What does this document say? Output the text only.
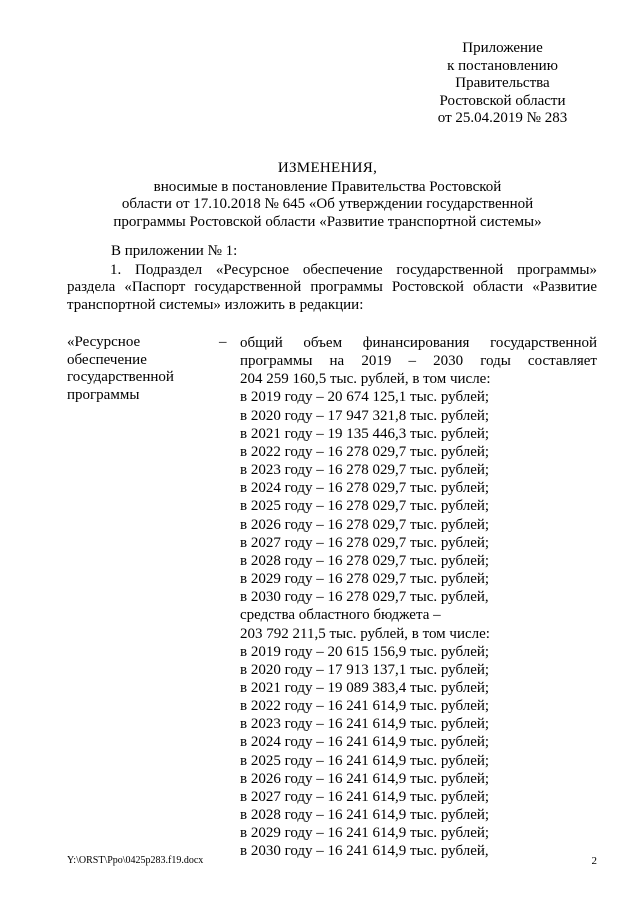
Приложение
к постановлению
Правительства
Ростовской области
от 25.04.2019 № 283
ИЗМЕНЕНИЯ,
вносимые в постановление Правительства Ростовской
области от 17.10.2018 № 645 «Об утверждении государственной
программы Ростовской области «Развитие транспортной системы»
В приложении № 1:
1. Подраздел «Ресурсное обеспечение государственной программы» раздела «Паспорт государственной программы Ростовской области «Развитие транспортной системы» изложить в редакции:
«Ресурсное
обеспечение
государственной
программы
– общий объем финансирования государственной
программы на 2019 – 2030 годы составляет
204 259 160,5 тыс. рублей, в том числе:
в 2019 году – 20 674 125,1 тыс. рублей;
в 2020 году – 17 947 321,8 тыс. рублей;
в 2021 году – 19 135 446,3 тыс. рублей;
в 2022 году – 16 278 029,7 тыс. рублей;
в 2023 году – 16 278 029,7 тыс. рублей;
в 2024 году – 16 278 029,7 тыс. рублей;
в 2025 году – 16 278 029,7 тыс. рублей;
в 2026 году – 16 278 029,7 тыс. рублей;
в 2027 году – 16 278 029,7 тыс. рублей;
в 2028 году – 16 278 029,7 тыс. рублей;
в 2029 году – 16 278 029,7 тыс. рублей;
в 2030 году – 16 278 029,7 тыс. рублей,
средства областного бюджета –
203 792 211,5 тыс. рублей, в том числе:
в 2019 году – 20 615 156,9 тыс. рублей;
в 2020 году – 17 913 137,1 тыс. рублей;
в 2021 году – 19 089 383,4 тыс. рублей;
в 2022 году – 16 241 614,9 тыс. рублей;
в 2023 году – 16 241 614,9 тыс. рублей;
в 2024 году – 16 241 614,9 тыс. рублей;
в 2025 году – 16 241 614,9 тыс. рублей;
в 2026 году – 16 241 614,9 тыс. рублей;
в 2027 году – 16 241 614,9 тыс. рублей;
в 2028 году – 16 241 614,9 тыс. рублей;
в 2029 году – 16 241 614,9 тыс. рублей;
в 2030 году – 16 241 614,9 тыс. рублей,
Y:\ORST\Ppo\0425p283.f19.docx	2
